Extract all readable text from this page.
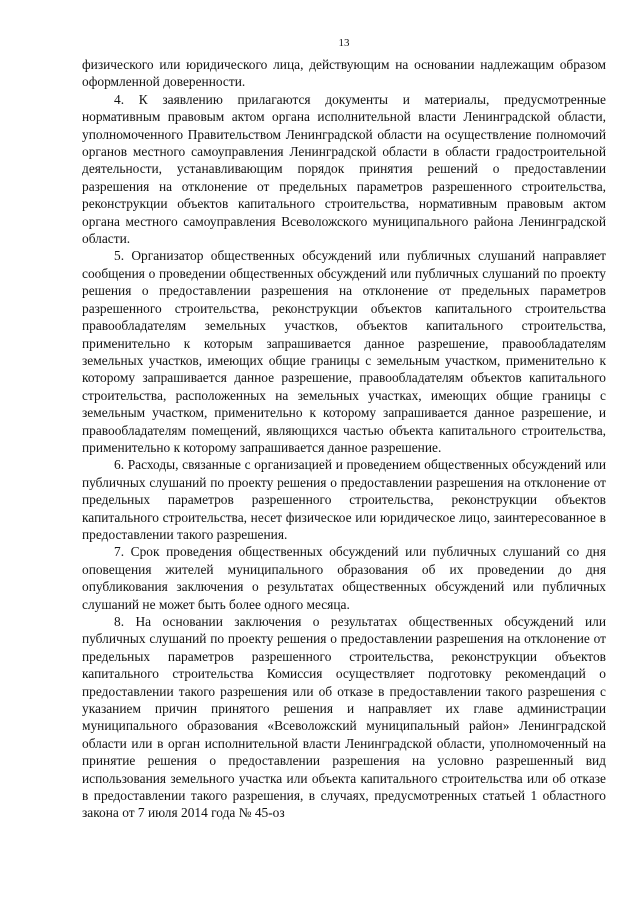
13

физического или юридического лица, действующим на основании надлежащим образом оформленной доверенности.

4. К заявлению прилагаются документы и материалы, предусмотренные нормативным правовым актом органа исполнительной власти Ленинградской области, уполномоченного Правительством Ленинградской области на осуществление полномочий органов местного самоуправления Ленинградской области в области градостроительной деятельности, устанавливающим порядок принятия решений о предоставлении разрешения на отклонение от предельных параметров разрешенного строительства, реконструкции объектов капитального строительства, нормативным правовым актом органа местного самоуправления Всеволожского муниципального района Ленинградской области.

5. Организатор общественных обсуждений или публичных слушаний направляет сообщения о проведении общественных обсуждений или публичных слушаний по проекту решения о предоставлении разрешения на отклонение от предельных параметров разрешенного строительства, реконструкции объектов капитального строительства правообладателям земельных участков, объектов капитального строительства, применительно к которым запрашивается данное разрешение, правообладателям земельных участков, имеющих общие границы с земельным участком, применительно к которому запрашивается данное разрешение, правообладателям объектов капитального строительства, расположенных на земельных участках, имеющих общие границы с земельным участком, применительно к которому запрашивается данное разрешение, и правообладателям помещений, являющихся частью объекта капитального строительства, применительно к которому запрашивается данное разрешение.

6. Расходы, связанные с организацией и проведением общественных обсуждений или публичных слушаний по проекту решения о предоставлении разрешения на отклонение от предельных параметров разрешенного строительства, реконструкции объектов капитального строительства, несет физическое или юридическое лицо, заинтересованное в предоставлении такого разрешения.

7. Срок проведения общественных обсуждений или публичных слушаний со дня оповещения жителей муниципального образования об их проведении до дня опубликования заключения о результатах общественных обсуждений или публичных слушаний не может быть более одного месяца.

8. На основании заключения о результатах общественных обсуждений или публичных слушаний по проекту решения о предоставлении разрешения на отклонение от предельных параметров разрешенного строительства, реконструкции объектов капитального строительства Комиссия осуществляет подготовку рекомендаций о предоставлении такого разрешения или об отказе в предоставлении такого разрешения с указанием причин принятого решения и направляет их главе администрации муниципального образования «Всеволожский муниципальный район» Ленинградской области или в орган исполнительной власти Ленинградской области, уполномоченный на принятие решения о предоставлении разрешения на условно разрешенный вид использования земельного участка или объекта капитального строительства или об отказе в предоставлении такого разрешения, в случаях, предусмотренных статьей 1 областного закона от 7 июля 2014 года № 45-оз
